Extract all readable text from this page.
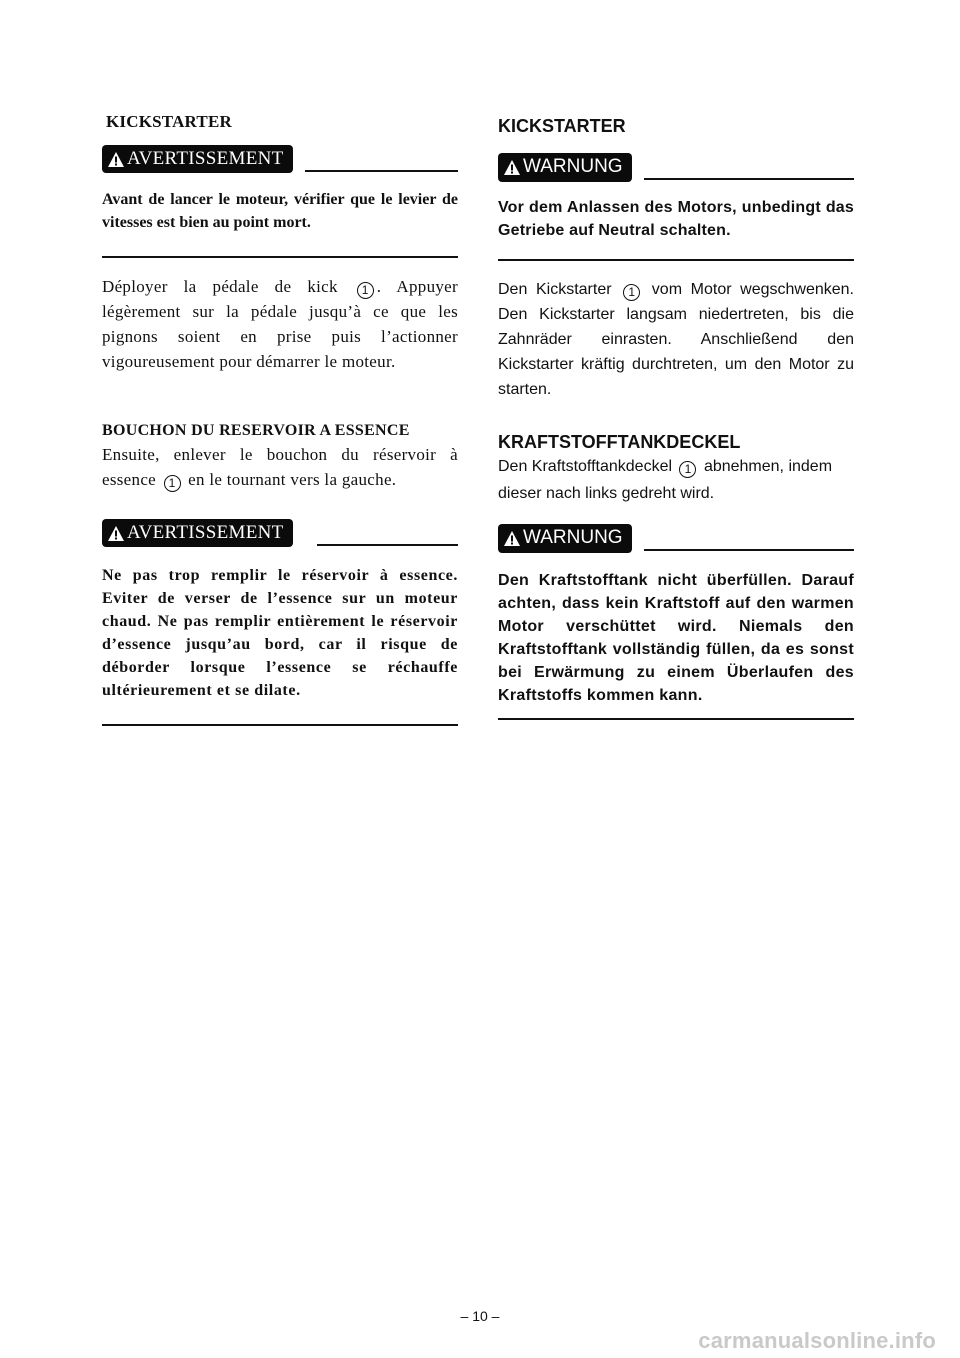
KICKSTARTER
AVERTISSEMENT

Avant de lancer le moteur, vérifier que le levier de vitesses est bien au point mort.

Déployer la pédale de kick 1 . Appuyer légèrement sur la pédale jusqu’à ce que les pignons soient en prise puis l’actionner vigoureusement pour démarrer le moteur.

BOUCHON DU RESERVOIR A ESSENCE

Ensuite, enlever le bouchon du réservoir à essence 1 en le tournant vers la gauche.

AVERTISSEMENT

Ne pas trop remplir le réservoir à essence. Eviter de verser de l’essence sur un moteur chaud. Ne pas remplir entièrement le réservoir d’essence jusqu’au bord, car il risque de déborder lorsque l’essence se réchauffe ultérieurement et se dilate.

KICKSTARTER
WARNUNG

Vor dem Anlassen des Motors, unbedingt das Getriebe auf Neutral schalten.

Den Kickstarter 1 vom Motor wegschwenken. Den Kickstarter langsam niedertreten, bis die Zahnräder einrasten. Anschließend den Kickstarter kräftig durchtreten, um den Motor zu starten.

KRAFTSTOFFTANKDECKEL

Den Kraftstofftankdeckel 1 abnehmen, indem dieser nach links gedreht wird.

WARNUNG

Den Kraftstofftank nicht überfüllen. Darauf achten, dass kein Kraftstoff auf den warmen Motor verschüttet wird. Niemals den Kraftstofftank vollständig füllen, da es sonst bei Erwärmung zu einem Überlaufen des Kraftstoffs kommen kann.

– 10 –
carmanualsonline.info
